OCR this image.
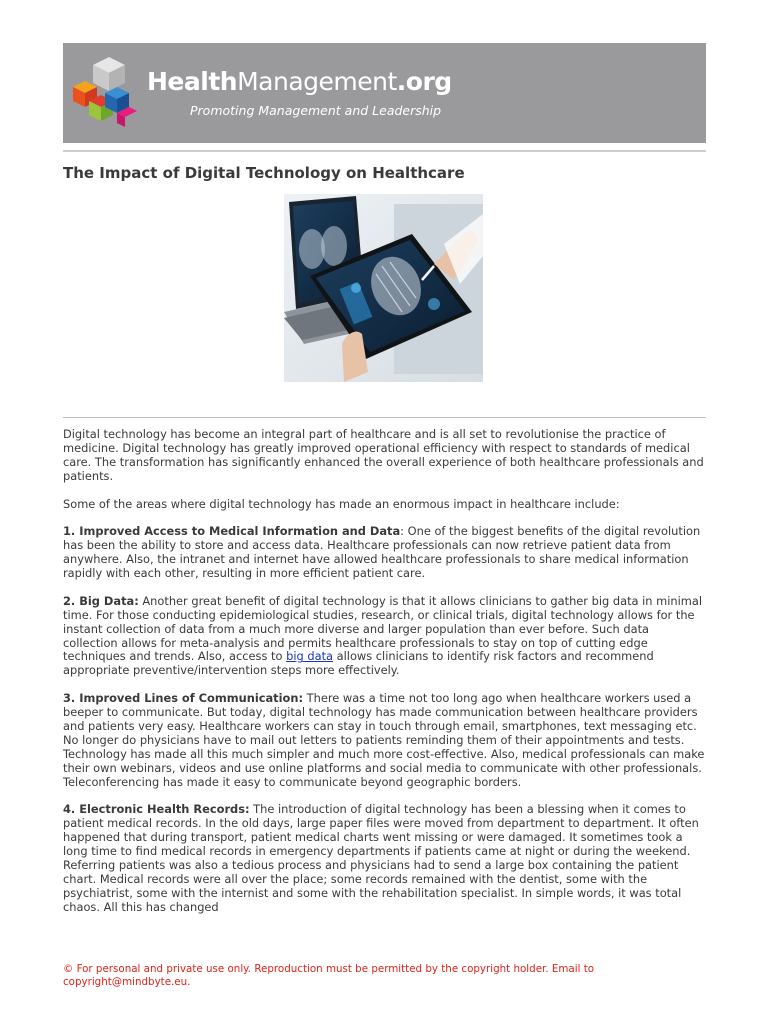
HealthManagement.org
Promoting Management and Leadership
The Impact of Digital Technology on Healthcare

Digital technology has become an integral part of healthcare and is all set to revolutionise the practice of medicine. Digital technology has greatly improved operational efficiency with respect to standards of medical care. The transformation has significantly enhanced the overall experience of both healthcare professionals and patients.

Some of the areas where digital technology has made an enormous impact in healthcare include:

1. Improved Access to Medical Information and Data: One of the biggest benefits of the digital revolution has been the ability to store and access data. Healthcare professionals can now retrieve patient data from anywhere. Also, the intranet and internet have allowed healthcare professionals to share medical information rapidly with each other, resulting in more efficient patient care.

2. Big Data: Another great benefit of digital technology is that it allows clinicians to gather big data in minimal time. For those conducting epidemiological studies, research, or clinical trials, digital technology allows for the instant collection of data from a much more diverse and larger population than ever before. Such data collection allows for meta-analysis and permits healthcare professionals to stay on top of cutting edge techniques and trends. Also, access to big data allows clinicians to identify risk factors and recommend appropriate preventive/intervention steps more effectively.

3. Improved Lines of Communication: There was a time not too long ago when healthcare workers used a beeper to communicate. But today, digital technology has made communication between healthcare providers and patients very easy. Healthcare workers can stay in touch through email, smartphones, text messaging etc. No longer do physicians have to mail out letters to patients reminding them of their appointments and tests. Technology has made all this much simpler and much more cost-effective. Also, medical professionals can make their own webinars, videos and use online platforms and social media to communicate with other professionals. Teleconferencing has made it easy to communicate beyond geographic borders.

4. Electronic Health Records: The introduction of digital technology has been a blessing when it comes to patient medical records. In the old days, large paper files were moved from department to department. It often happened that during transport, patient medical charts went missing or were damaged. It sometimes took a long time to find medical records in emergency departments if patients came at night or during the weekend. Referring patients was also a tedious process and physicians had to send a large box containing the patient chart. Medical records were all over the place; some records remained with the dentist, some with the psychiatrist, some with the internist and some with the rehabilitation specialist. In simple words, it was total chaos. All this has changed

© For personal and private use only. Reproduction must be permitted by the copyright holder. Email to copyright@mindbyte.eu.
